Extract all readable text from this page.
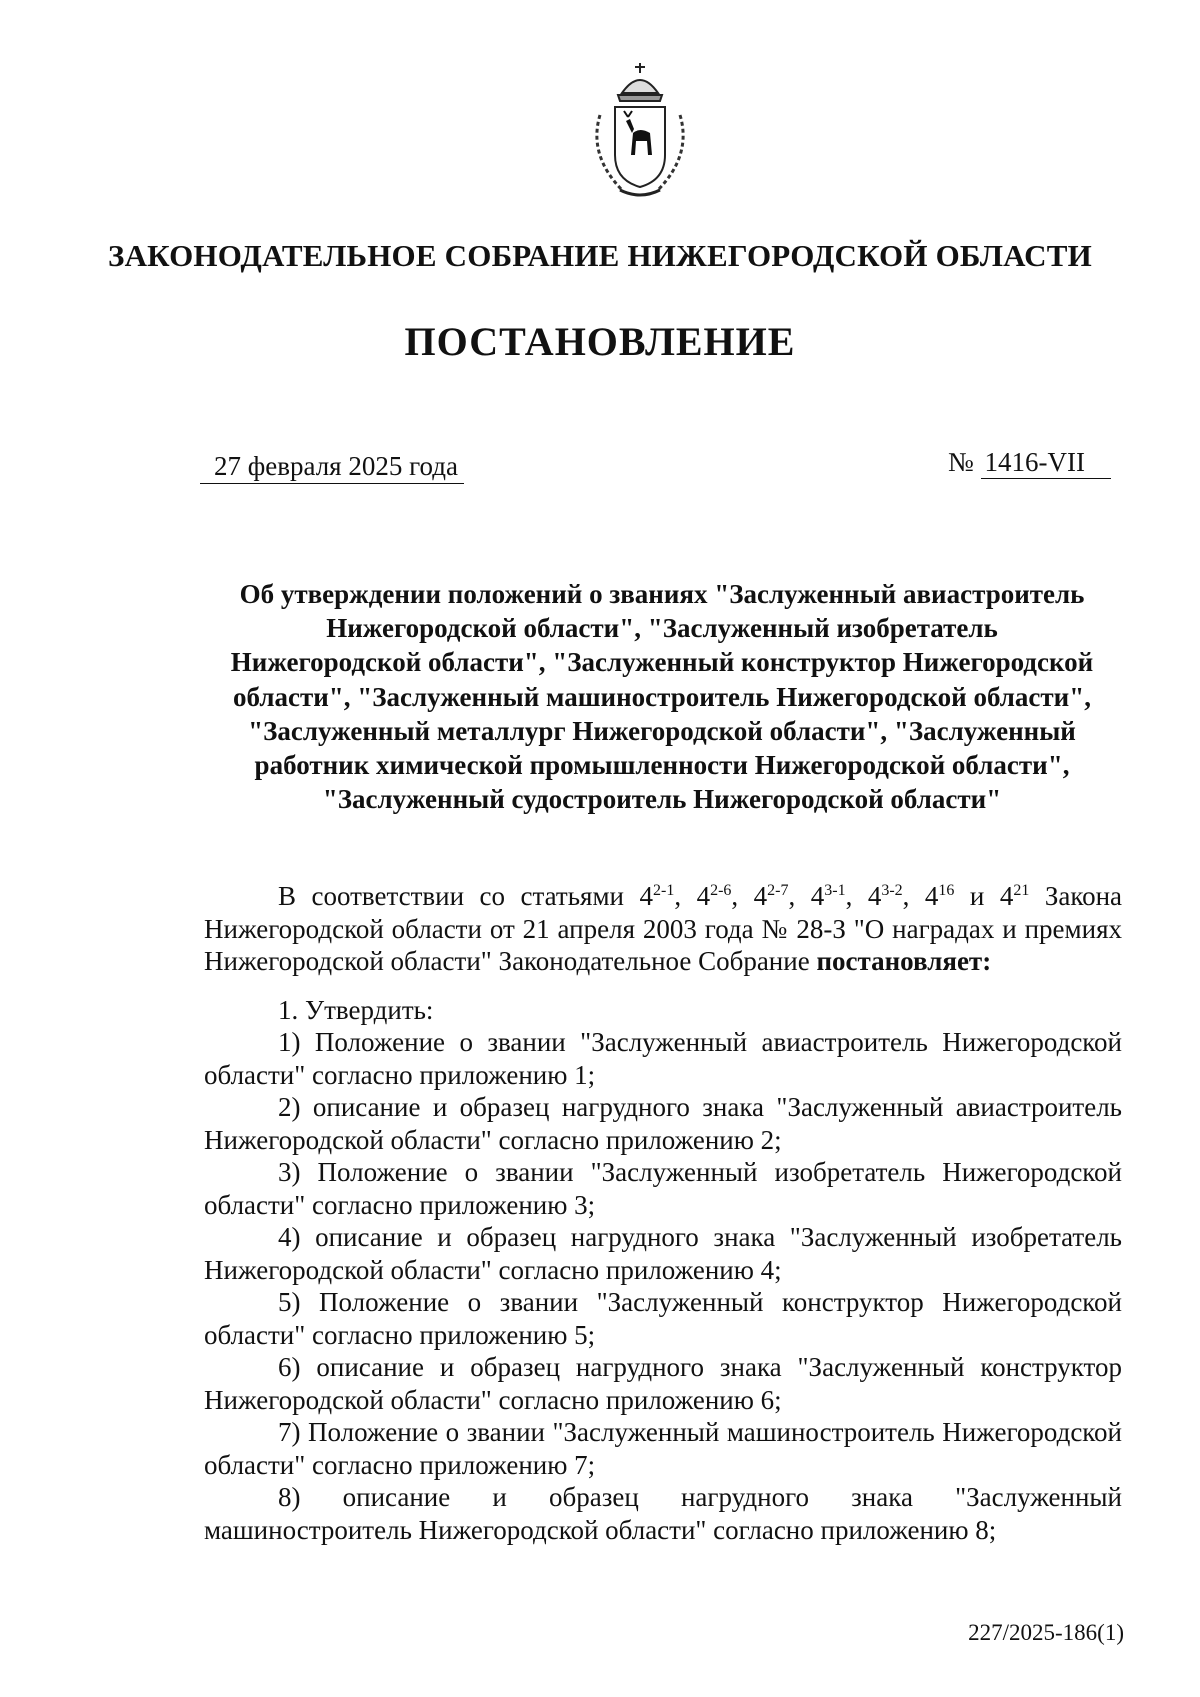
ЗАКОНОДАТЕЛЬНОЕ СОБРАНИЕ НИЖЕГОРОДСКОЙ ОБЛАСТИ
ПОСТАНОВЛЕНИЕ
27 февраля 2025 года	№ 1416-VII
Об утверждении положений о званиях "Заслуженный авиастроитель
Нижегородской области", "Заслуженный изобретатель
Нижегородской области", "Заслуженный конструктор Нижегородской
области", "Заслуженный машиностроитель Нижегородской области",
"Заслуженный металлург Нижегородской области", "Заслуженный
работник химической промышленности Нижегородской области",
"Заслуженный судостроитель Нижегородской области"

В соответствии со статьями 4$^{2-1}$, 4$^{2-6}$, 4$^{2-7}$, 4$^{3-1}$, 4$^{3-2}$, $4^{16}$ и $4^{21}$ Закона Нижегородской области от 21 апреля 2003 года № 28-З "О наградах и премиях Нижегородской области" Законодательное Собрание постановляет:

1. Утвердить:

1) Положение о звании "Заслуженный авиастроитель Нижегородской области" согласно приложению 1;

2) описание и образец нагрудного знака "Заслуженный авиастроитель Нижегородской области" согласно приложению 2;

3) Положение о звании "Заслуженный изобретатель Нижегородской области" согласно приложению 3;

4) описание и образец нагрудного знака "Заслуженный изобретатель Нижегородской области" согласно приложению 4;

5) Положение о звании "Заслуженный конструктор Нижегородской области" согласно приложению 5;

6) описание и образец нагрудного знака "Заслуженный конструктор Нижегородской области" согласно приложению 6;

7) Положение о звании "Заслуженный машиностроитель Нижегородской области" согласно приложению 7;

8) описание и образец нагрудного знака "Заслуженный машиностроитель Нижегородской области" согласно приложению 8;

227/2025-186(1)
